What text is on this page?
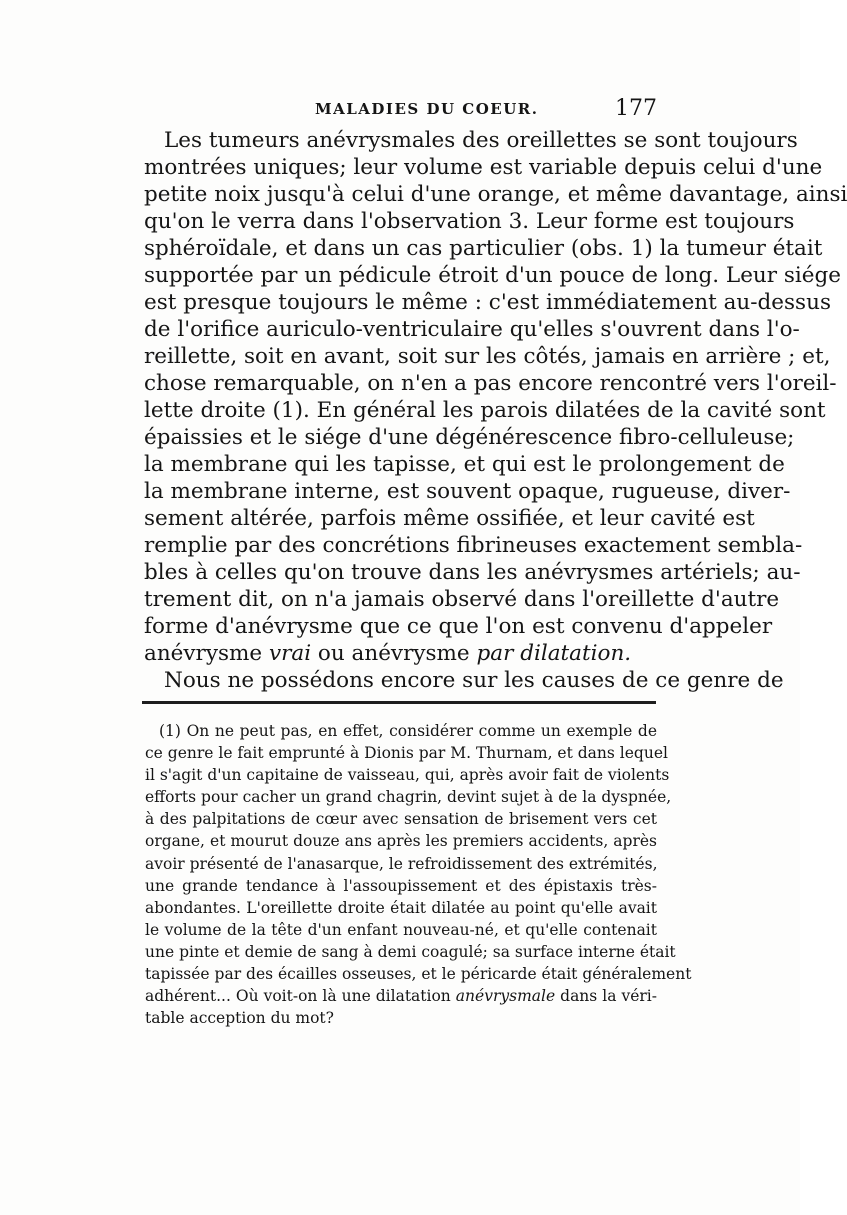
MALADIES DU COEUR.	177
Les tumeurs anévrysmales des oreillettes se sont toujours
montrées uniques; leur volume est variable depuis celui d'une
petite noix jusqu'à celui d'une orange, et même davantage, ainsi
qu'on le verra dans l'observation 3. Leur forme est toujours
sphéroïdale, et dans un cas particulier (obs. 1) la tumeur était
supportée par un pédicule étroit d'un pouce de long. Leur siége
est presque toujours le même : c'est immédiatement au-dessus
de l'orifice auriculo-ventriculaire qu'elles s'ouvrent dans l'o-
reillette, soit en avant, soit sur les côtés, jamais en arrière ; et,
chose remarquable, on n'en a pas encore rencontré vers l'oreil-
lette droite (1). En général les parois dilatées de la cavité sont
épaissies et le siége d'une dégénérescence fibro-celluleuse;
la membrane qui les tapisse, et qui est le prolongement de
la membrane interne, est souvent opaque, rugueuse, diver-
sement altérée, parfois même ossifiée, et leur cavité est
remplie par des concrétions fibrineuses exactement sembla-
bles à celles qu'on trouve dans les anévrysmes artériels; au-
trement dit, on n'a jamais observé dans l'oreillette d'autre
forme d'anévrysme que ce que l'on est convenu d'appeler
anévrysme vrai ou anévrysme par dilatation.
Nous ne possédons encore sur les causes de ce genre de
(1) On ne peut pas, en effet, considérer comme un exemple de
ce genre le fait emprunté à Dionis par M. Thurnam, et dans lequel
il s'agit d'un capitaine de vaisseau, qui, après avoir fait de violents
efforts pour cacher un grand chagrin, devint sujet à de la dyspnée,
à des palpitations de cœur avec sensation de brisement vers cet
organe, et mourut douze ans après les premiers accidents, après
avoir présenté de l'anasarque, le refroidissement des extrémités,
une grande tendance à l'assoupissement et des épistaxis très-
abondantes. L'oreillette droite était dilatée au point qu'elle avait
le volume de la tête d'un enfant nouveau-né, et qu'elle contenait
une pinte et demie de sang à demi coagulé; sa surface interne était
tapissée par des écailles osseuses, et le péricarde était généralement
adhérent... Où voit-on là une dilatation anévrysmale dans la véri-
table acception du mot?
